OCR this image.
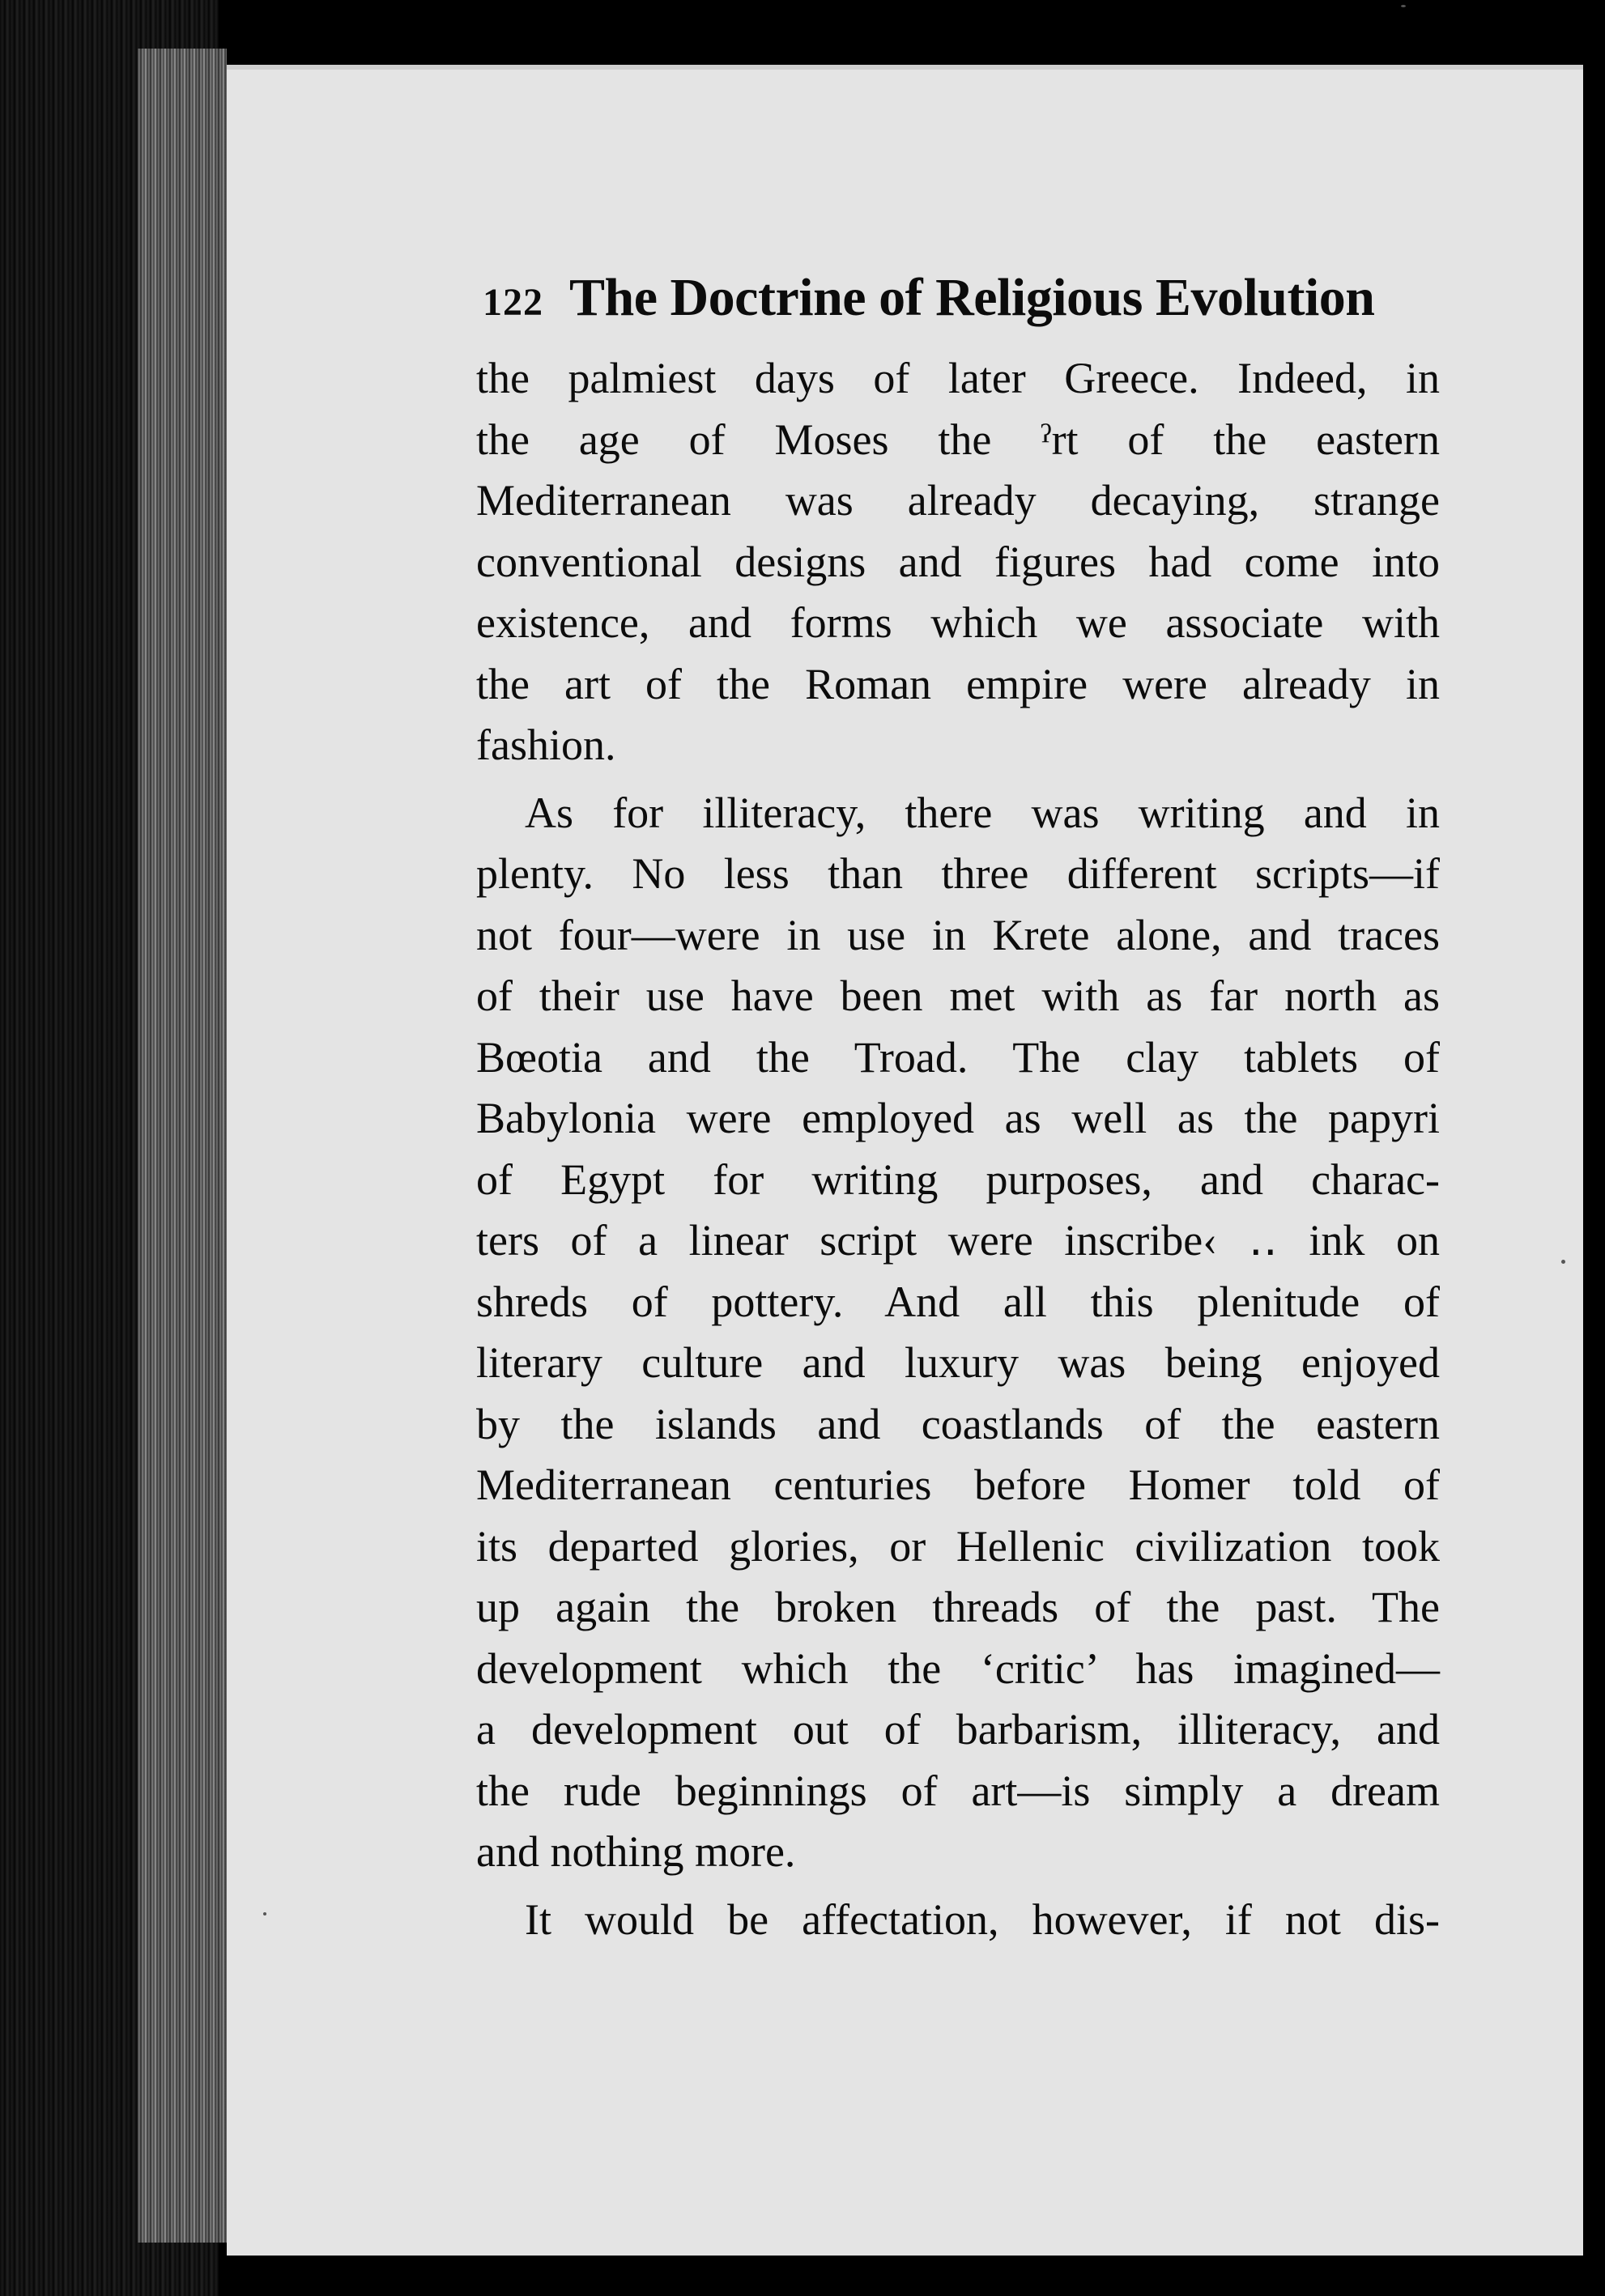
122 The Doctrine of Religious Evolution
the palmiest days of later Greece. Indeed, in
the age of Moses the ˀrt of the eastern
Mediterranean was already decaying, strange
conventional designs and figures had come into
existence, and forms which we associate with
the art of the Roman empire were already in
fashion.
As for illiteracy, there was writing and in
plenty. No less than three different scripts—if
not four—were in use in Krete alone, and traces
of their use have been met with as far north as
Bœotia and the Troad. The clay tablets of
Babylonia were employed as well as the papyri
of Egypt for writing purposes, and charac-
ters of a linear script were inscribe‹ ‥ ink on
shreds of pottery. And all this plenitude of
literary culture and luxury was being enjoyed
by the islands and coastlands of the eastern
Mediterranean centuries before Homer told of
its departed glories, or Hellenic civilization took
up again the broken threads of the past. The
development which the ‘critic’ has imagined—
a development out of barbarism, illiteracy, and
the rude beginnings of art—is simply a dream
and nothing more.
It would be affectation, however, if not dis-
